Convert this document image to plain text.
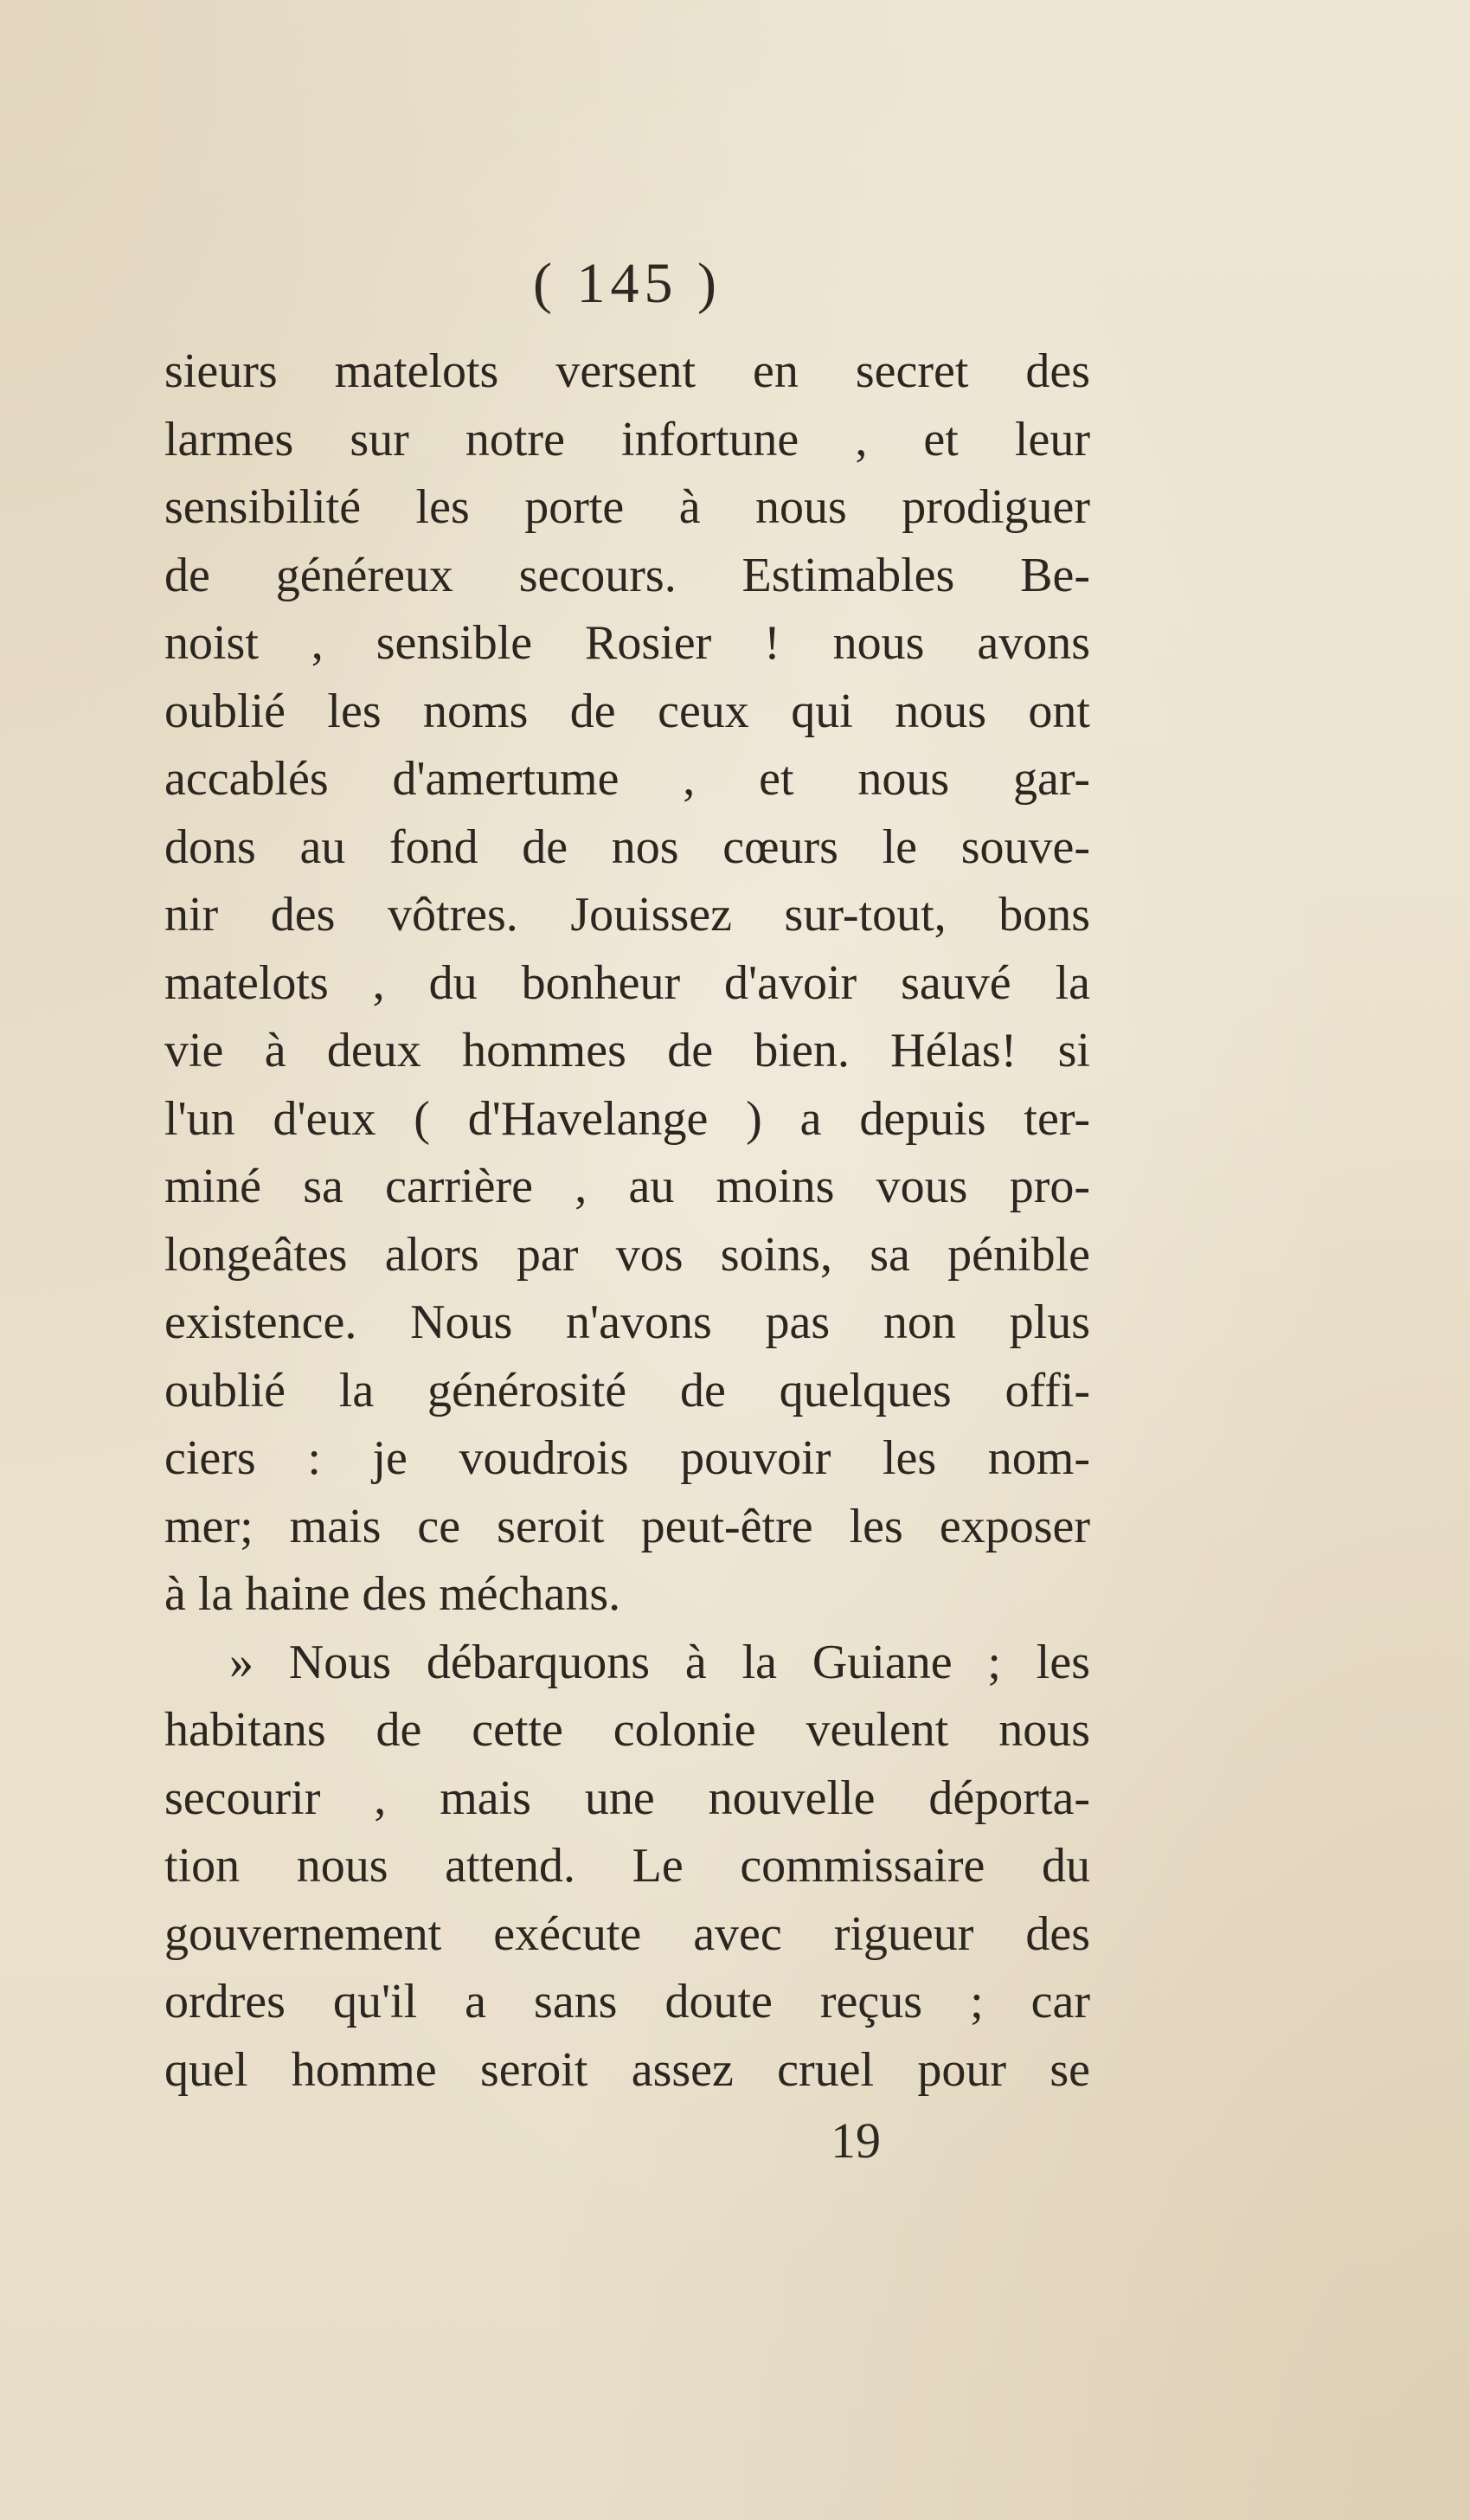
( 145 )
sieurs matelots versent en secret des
larmes sur notre infortune , et leur
sensibilité les porte à nous prodiguer
de généreux secours. Estimables Be-
noist , sensible Rosier ! nous avons
oublié les noms de ceux qui nous ont
accablés d'amertume , et nous gar-
dons au fond de nos cœurs le souve-
nir des vôtres. Jouissez sur-tout, bons
matelots , du bonheur d'avoir sauvé la
vie à deux hommes de bien. Hélas! si
l'un d'eux ( d'Havelange ) a depuis ter-
miné sa carrière , au moins vous pro-
longeâtes alors par vos soins, sa pénible
existence. Nous n'avons pas non plus
oublié la générosité de quelques offi-
ciers : je voudrois pouvoir les nom-
mer; mais ce seroit peut-être les exposer
à la haine des méchans.
» Nous débarquons à la Guiane ; les
habitans de cette colonie veulent nous
secourir , mais une nouvelle déporta-
tion nous attend. Le commissaire du
gouvernement exécute avec rigueur des
ordres qu'il a sans doute reçus ; car
quel homme seroit assez cruel pour se
19
